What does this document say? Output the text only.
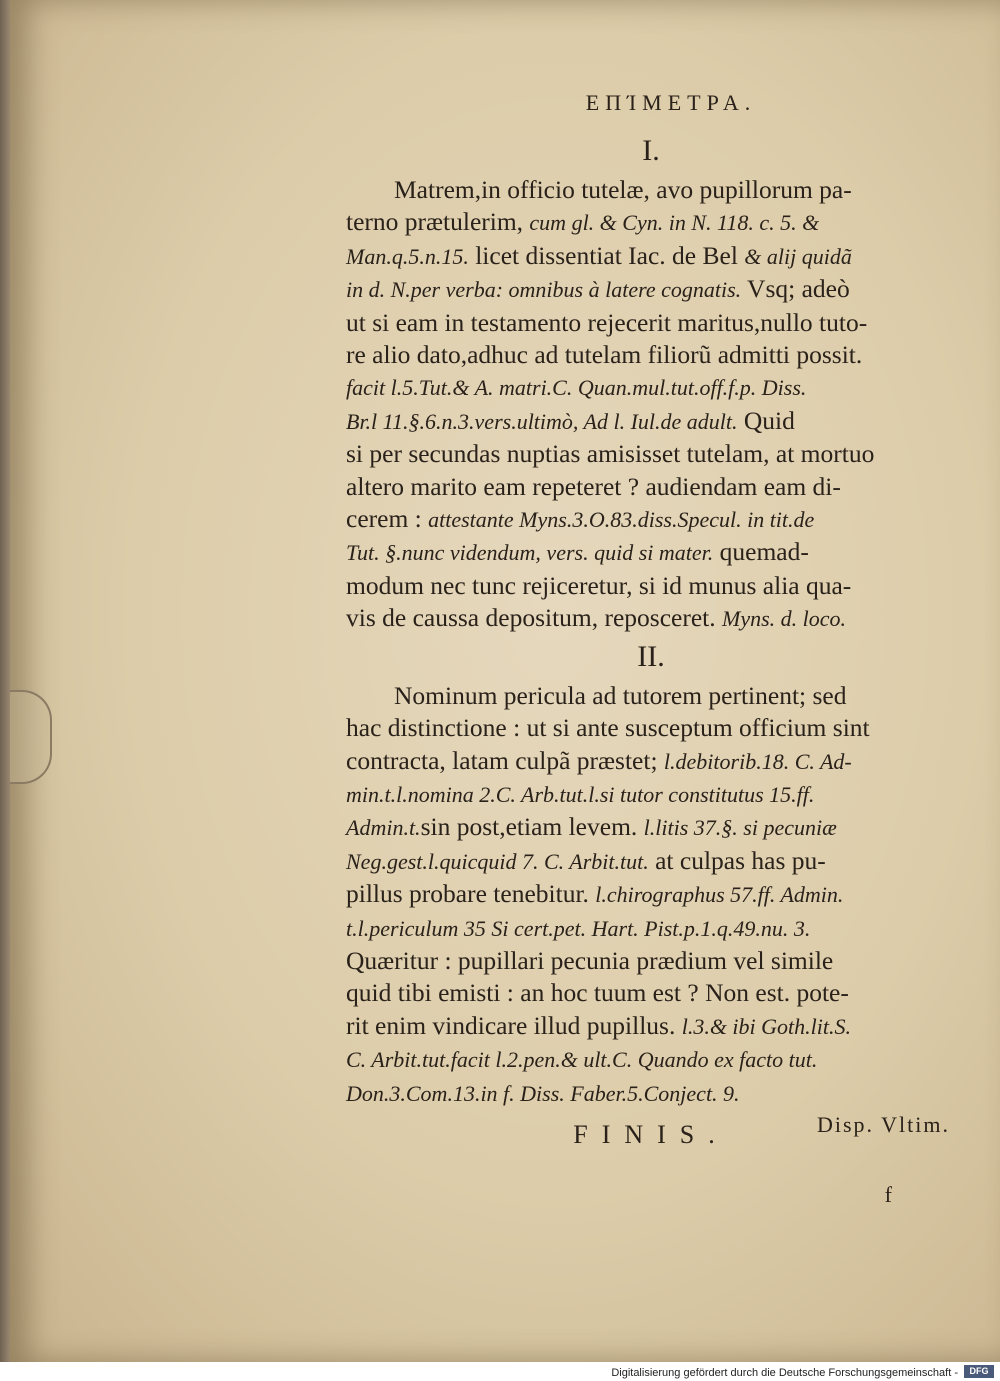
ΕΠΊΜΕΤΡΑ.
I.
Matrem,in officio tutelæ, avo pupillorum pa-
terno prætulerim, cum gl. & Cyn. in N. 118. c. 5. &
Man.q.5.n.15. licet dissentiat Iac. de Bel & alij quidã
in d. N.per verba: omnibus à latere cognatis. Vsq; adeò
ut si eam in testamento rejecerit maritus,nullo tuto-
re alio dato,adhuc ad tutelam filiorũ admitti possit.
facit l.5.Tut.& A. matri.C. Quan.mul.tut.off.f.p. Diss.
Br.l 11.§.6.n.3.vers.ultimò, Ad l. Iul.de adult. Quid
si per secundas nuptias amisisset tutelam, at mortuo
altero marito eam repeteret ? audiendam eam di-
cerem : attestante Myns.3.O.83.diss.Specul. in tit.de
Tut. §.nunc videndum, vers. quid si mater. quemad-
modum nec tunc rejiceretur, si id munus alia qua-
vis de caussa depositum, reposceret. Myns. d. loco.
II.
Nominum pericula ad tutorem pertinent; sed
hac distinctione : ut si ante susceptum officium sint
contracta, latam culpã præstet; l.debitorib.18. C. Ad-
min.t.l.nomina 2.C. Arb.tut.l.si tutor constitutus 15.ff.
Admin.t.sin post,etiam levem. l.litis 37.§. si pecuniæ
Neg.gest.l.quicquid 7. C. Arbit.tut. at culpas has pu-
pillus probare tenebitur. l.chirographus 57.ff. Admin.
t.l.periculum 35 Si cert.pet. Hart. Pist.p.1.q.49.nu. 3.
Quæritur : pupillari pecunia prædium vel simile
quid tibi emisti : an hoc tuum est ? Non est. pote-
rit enim vindicare illud pupillus. l.3.& ibi Goth.lit.S.
C. Arbit.tut.facit l.2.pen.& ult.C. Quando ex facto tut.
Don.3.Com.13.in f. Diss. Faber.5.Conject. 9.
FINIS.	Disp. Vltim.
f
Digitalisierung gefördert durch die Deutsche Forschungsgemeinschaft -	DFG
